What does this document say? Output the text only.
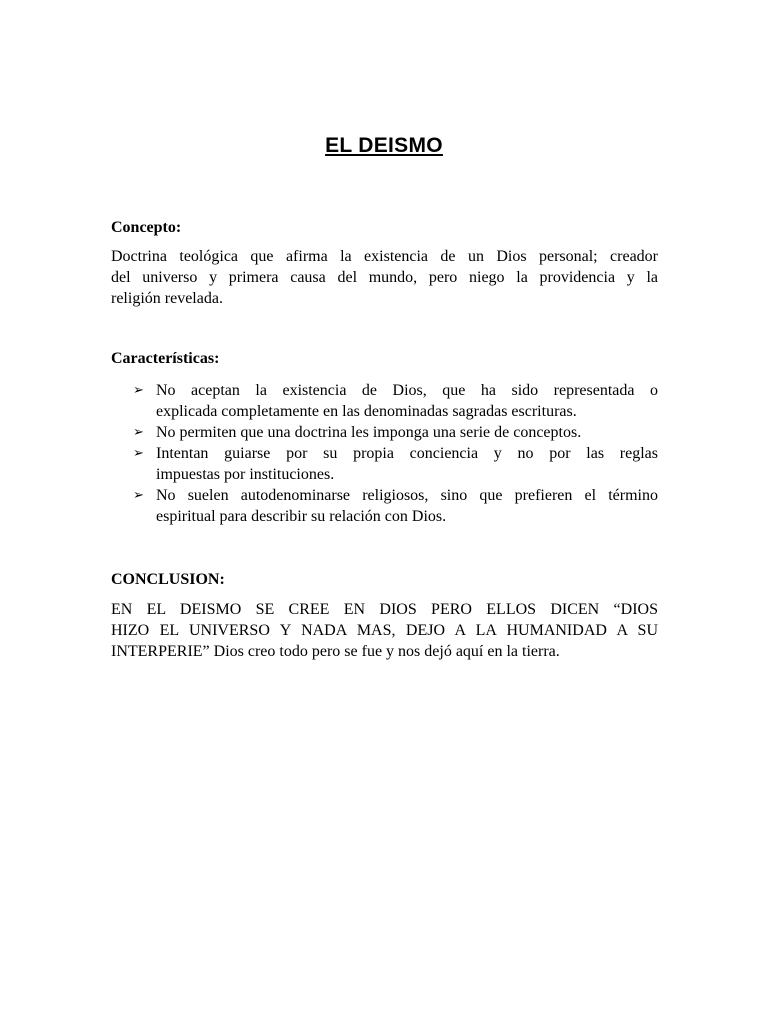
EL DEISMO
Concepto:
Doctrina teológica que afirma la existencia de un Dios personal; creador
del universo y primera causa del mundo, pero niego la providencia y la
religión revelada.
Características:
➢ No aceptan la existencia de Dios, que ha sido representada o
explicada completamente en las denominadas sagradas escrituras.
➢ No permiten que una doctrina les imponga una serie de conceptos.
➢ Intentan guiarse por su propia conciencia y no por las reglas
impuestas por instituciones.
➢ No suelen autodenominarse religiosos, sino que prefieren el término
espiritual para describir su relación con Dios.
CONCLUSION:
EN EL DEISMO SE CREE EN DIOS PERO ELLOS DICEN “DIOS
HIZO EL UNIVERSO Y NADA MAS, DEJO A LA HUMANIDAD A SU
INTERPERIE” Dios creo todo pero se fue y nos dejó aquí en la tierra.
